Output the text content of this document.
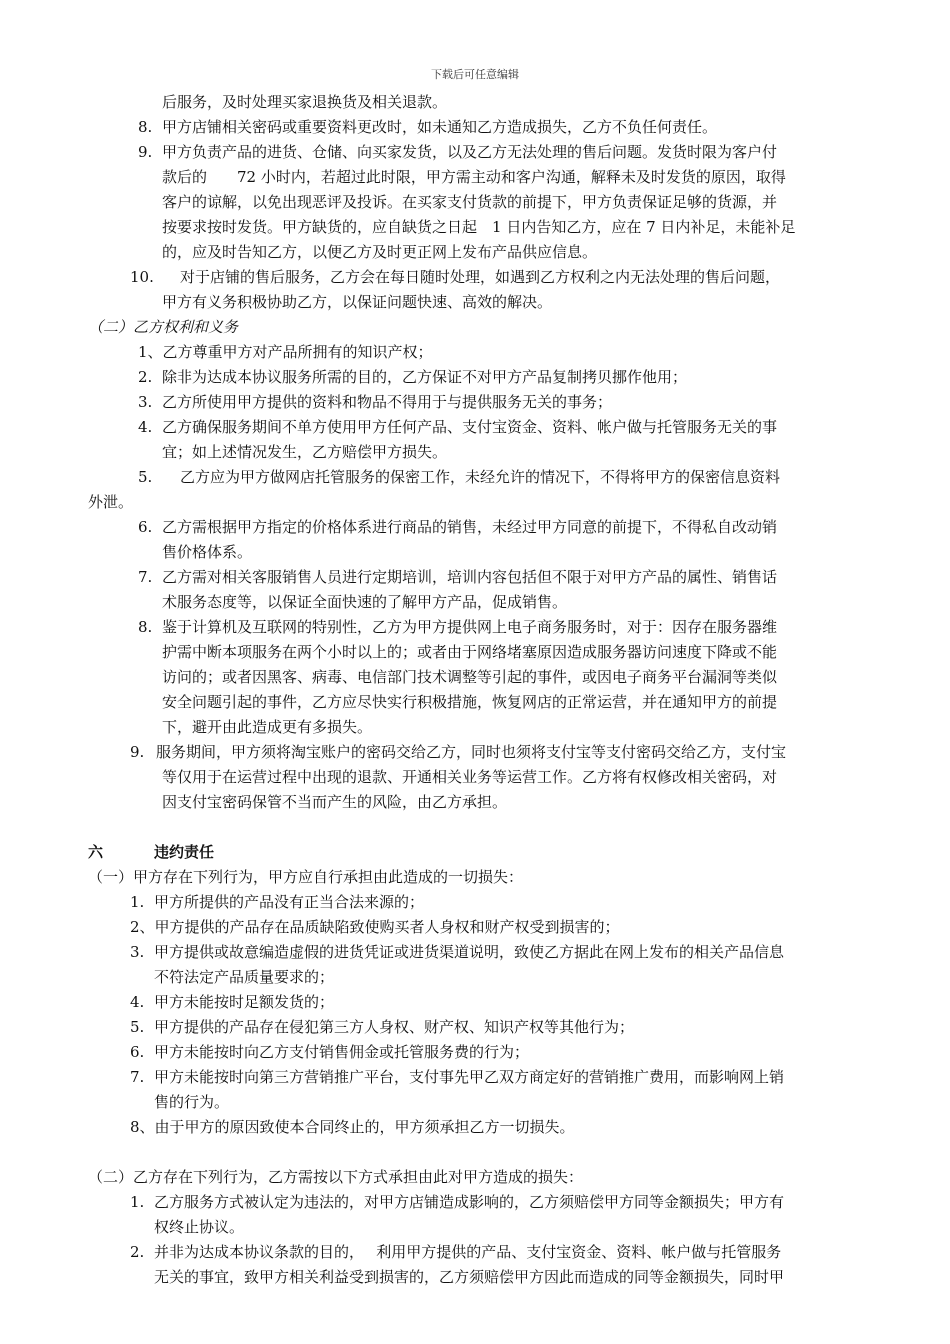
下载后可任意编辑
后服务，及时处理买家退换货及相关退款。
8. 甲方店铺相关密码或重要资料更改时，如未通知乙方造成损失，乙方不负任何责任。
9. 甲方负责产品的进货、仓储、向买家发货，以及乙方无法处理的售后问题。发货时限为客户付
款后的　　72 小时内，若超过此时限，甲方需主动和客户沟通，解释未及时发货的原因，取得
客户的谅解，以免出现恶评及投诉。在买家支付货款的前提下，甲方负责保证足够的货源，并
按要求按时发货。甲方缺货的，应自缺货之日起　1 日内告知乙方，应在 7 日内补足，未能补足
的，应及时告知乙方，以便乙方及时更正网上发布产品供应信息。
10. 对于店铺的售后服务，乙方会在每日随时处理，如遇到乙方权利之内无法处理的售后问题，
甲方有义务积极协助乙方，以保证问题快速、高效的解决。
（二）乙方权利和义务
1、乙方尊重甲方对产品所拥有的知识产权；
2. 除非为达成本协议服务所需的目的，乙方保证不对甲方产品复制拷贝挪作他用；
3. 乙方所使用甲方提供的资料和物品不得用于与提供服务无关的事务；
4. 乙方确保服务期间不单方使用甲方任何产品、支付宝资金、资料、帐户做与托管服务无关的事
宜；如上述情况发生，乙方赔偿甲方损失。
5. 乙方应为甲方做网店托管服务的保密工作，未经允许的情况下，不得将甲方的保密信息资料
外泄。
6. 乙方需根据甲方指定的价格体系进行商品的销售，未经过甲方同意的前提下，不得私自改动销
售价格体系。
7. 乙方需对相关客服销售人员进行定期培训，培训内容包括但不限于对甲方产品的属性、销售话
术服务态度等，以保证全面快速的了解甲方产品，促成销售。
8. 鉴于计算机及互联网的特别性，乙方为甲方提供网上电子商务服务时，对于：因存在服务器维
护需中断本项服务在两个小时以上的；或者由于网络堵塞原因造成服务器访问速度下降或不能
访问的；或者因黑客、病毒、电信部门技术调整等引起的事件，或因电子商务平台漏洞等类似
安全问题引起的事件，乙方应尽快实行积极措施，恢复网店的正常运营，并在通知甲方的前提
下，避开由此造成更有多损失。
9. 服务期间，甲方须将淘宝账户的密码交给乙方，同时也须将支付宝等支付密码交给乙方，支付宝
等仅用于在运营过程中出现的退款、开通相关业务等运营工作。乙方将有权修改相关密码，对
因支付宝密码保管不当而产生的风险，由乙方承担。
六	违约责任
（一）甲方存在下列行为，甲方应自行承担由此造成的一切损失：
1. 甲方所提供的产品没有正当合法来源的；
2、甲方提供的产品存在品质缺陷致使购买者人身权和财产权受到损害的；
3. 甲方提供或故意编造虚假的进货凭证或进货渠道说明，致使乙方据此在网上发布的相关产品信息
不符法定产品质量要求的；
4. 甲方未能按时足额发货的；
5. 甲方提供的产品存在侵犯第三方人身权、财产权、知识产权等其他行为；
6. 甲方未能按时向乙方支付销售佣金或托管服务费的行为；
7. 甲方未能按时向第三方营销推广平台，支付事先甲乙双方商定好的营销推广费用，而影响网上销
售的行为。
8、由于甲方的原因致使本合同终止的，甲方须承担乙方一切损失。
（二）乙方存在下列行为，乙方需按以下方式承担由此对甲方造成的损失：
1. 乙方服务方式被认定为违法的，对甲方店铺造成影响的，乙方须赔偿甲方同等金额损失；甲方有
权终止协议。
2. 并非为达成本协议条款的目的，　 利用甲方提供的产品、支付宝资金、资料、帐户做与托管服务
无关的事宜，致甲方相关利益受到损害的，乙方须赔偿甲方因此而造成的同等金额损失，同时甲
